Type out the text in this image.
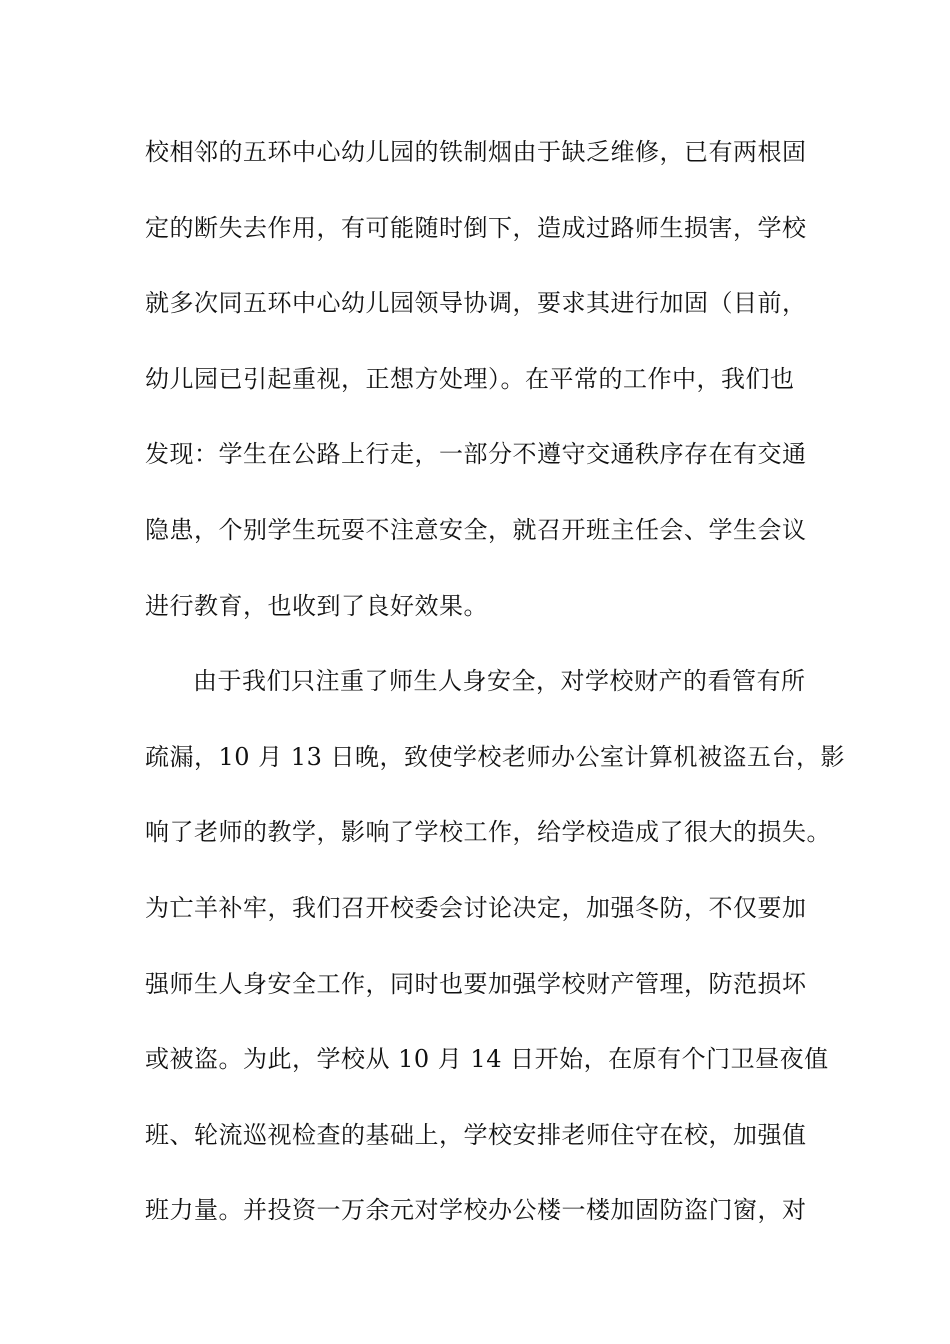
校相邻的五环中心幼儿园的铁制烟由于缺乏维修，已有两根固
定的断失去作用，有可能随时倒下，造成过路师生损害，学校
就多次同五环中心幼儿园领导协调，要求其进行加固（目前，
幼儿园已引起重视，正想方处理）。在平常的工作中，我们也
发现：学生在公路上行走，一部分不遵守交通秩序存在有交通
隐患，个别学生玩耍不注意安全，就召开班主任会、学生会议
进行教育，也收到了良好效果。
由于我们只注重了师生人身安全，对学校财产的看管有所
疏漏，10 月 13 日晚，致使学校老师办公室计算机被盗五台，影
响了老师的教学，影响了学校工作，给学校造成了很大的损失。
为亡羊补牢，我们召开校委会讨论决定，加强冬防，不仅要加
强师生人身安全工作，同时也要加强学校财产管理，防范损坏
或被盗。为此，学校从 10 月 14 日开始，在原有个门卫昼夜值
班、轮流巡视检查的基础上，学校安排老师住守在校，加强值
班力量。并投资一万余元对学校办公楼一楼加固防盗门窗，对
